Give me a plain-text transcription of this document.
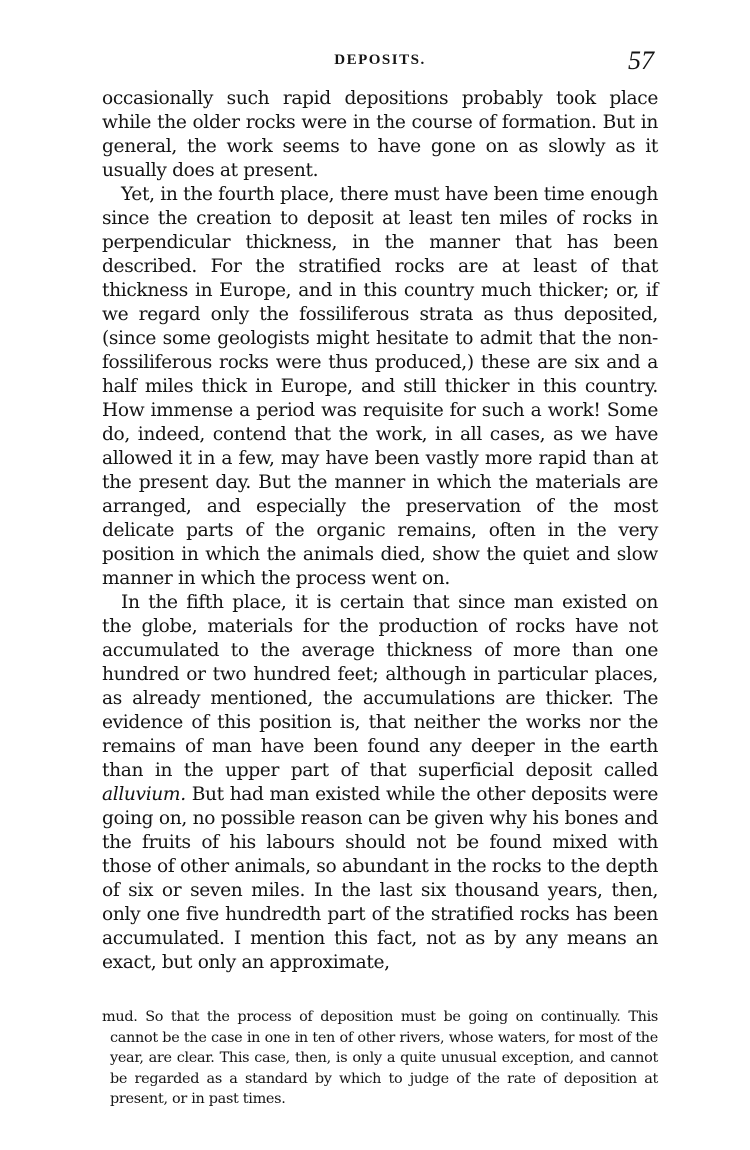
DEPOSITS.	57

occasionally such rapid depositions probably took place while the older rocks were in the course of formation. But in general, the work seems to have gone on as slowly as it usually does at present.

Yet, in the fourth place, there must have been time enough since the creation to deposit at least ten miles of rocks in perpendicular thickness, in the manner that has been described. For the stratified rocks are at least of that thickness in Europe, and in this country much thicker; or, if we regard only the fossiliferous strata as thus deposited, (since some geologists might hesitate to admit that the non-fossiliferous rocks were thus produced,) these are six and a half miles thick in Europe, and still thicker in this country. How immense a period was requisite for such a work! Some do, indeed, contend that the work, in all cases, as we have allowed it in a few, may have been vastly more rapid than at the present day. But the manner in which the materials are arranged, and especially the preservation of the most delicate parts of the organic remains, often in the very position in which the animals died, show the quiet and slow manner in which the process went on.

In the fifth place, it is certain that since man existed on the globe, materials for the production of rocks have not accumulated to the average thickness of more than one hundred or two hundred feet; although in particular places, as already mentioned, the accumulations are thicker. The evidence of this position is, that neither the works nor the remains of man have been found any deeper in the earth than in the upper part of that superficial deposit called alluvium. But had man existed while the other deposits were going on, no possible reason can be given why his bones and the fruits of his labours should not be found mixed with those of other animals, so abundant in the rocks to the depth of six or seven miles. In the last six thousand years, then, only one five hundredth part of the stratified rocks has been accumulated. I mention this fact, not as by any means an exact, but only an approximate,

mud. So that the process of deposition must be going on continually. This cannot be the case in one in ten of other rivers, whose waters, for most of the year, are clear. This case, then, is only a quite unusual exception, and cannot be regarded as a standard by which to judge of the rate of deposition at present, or in past times.
